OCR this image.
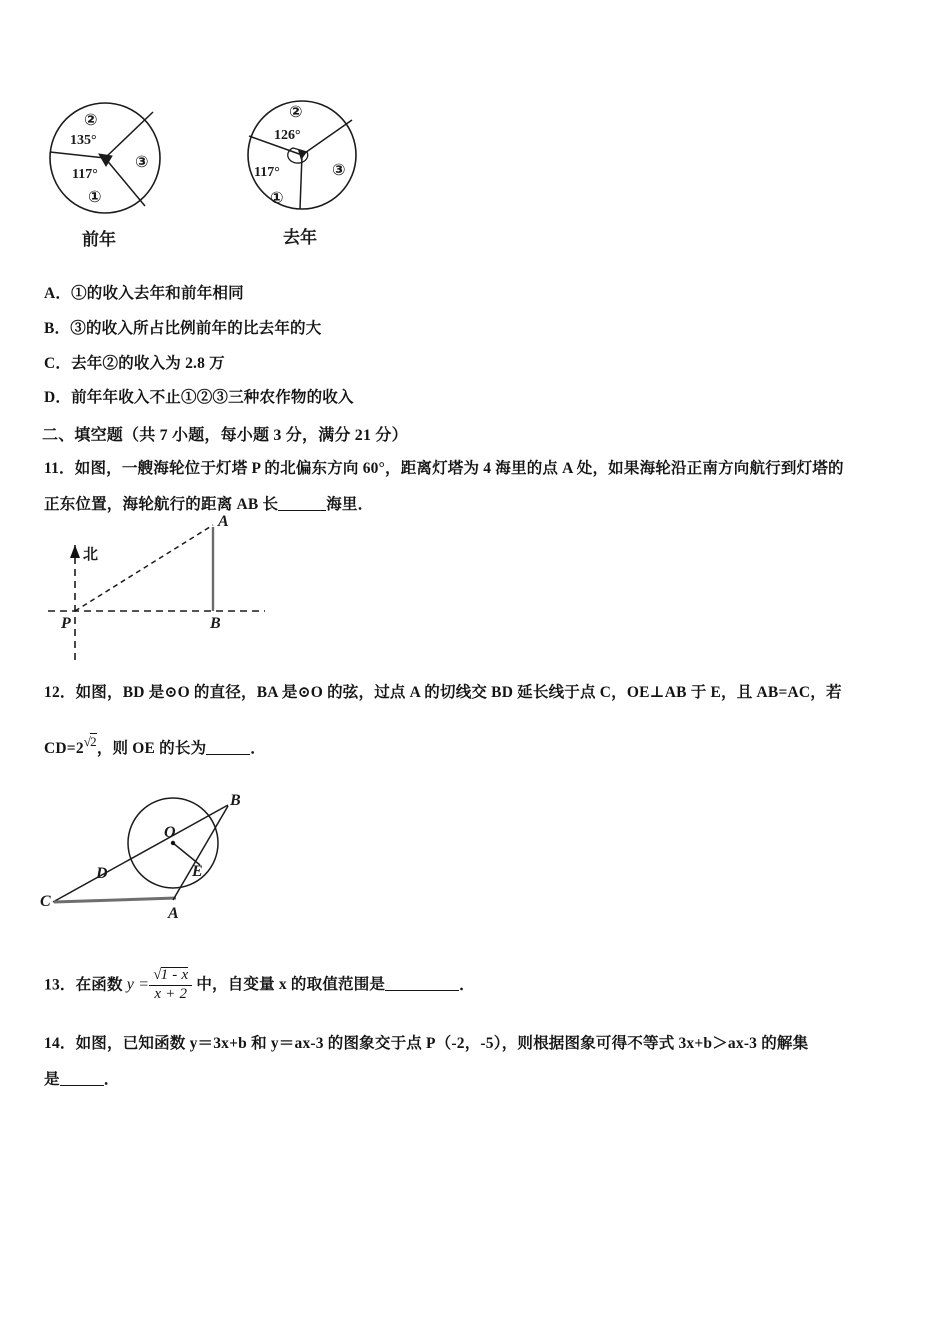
②
135°
117°
①
③
前年
②
126°
117°
①
③
去年
A．①的收入去年和前年相同
B．③的收入所占比例前年的比去年的大
C．去年②的收入为 2.8 万
D．前年年收入不止①②③三种农作物的收入
二、填空题（共 7 小题，每小题 3 分，满分 21 分）
11．如图，一艘海轮位于灯塔 P 的北偏东方向 60°，距离灯塔为 4 海里的点 A 处，如果海轮沿正南方向航行到灯塔的
正东位置，海轮航行的距离 AB 长	海里．
A
B
P
北
12．如图，BD 是⊙O 的直径，BA 是⊙O 的弦，过点 A 的切线交 BD 延长线于点 C，OE⊥AB 于 E，且 AB=AC，若
$CD=2^{√2}$，则 OE 的长为	．
B
O
D	E
C
A
13．在函数 $y = \frac{√1 - x}{x + 2}$ 中，自变量 x 的取值范围是	．
14．如图，已知函数 y＝3x+b 和 y＝ax‑3 的图象交于点 P（‑2，‑5），则根据图象可得不等式 3x+b＞ax‑3 的解集
是	．
